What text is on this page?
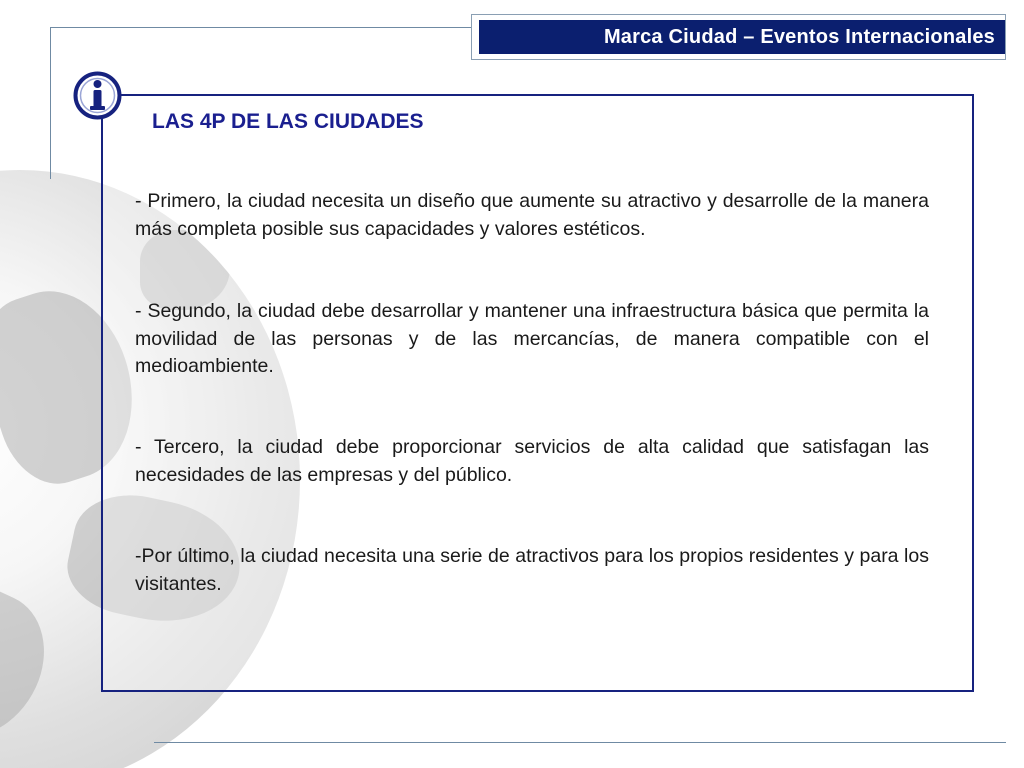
Marca Ciudad – Eventos Internacionales
LAS 4P DE LAS CIUDADES

- Primero, la ciudad necesita un diseño que aumente su atractivo y desarrolle de la manera más completa posible sus capacidades y valores estéticos.

- Segundo, la ciudad debe desarrollar y mantener una infraestructura básica que permita la movilidad de las personas y de las mercancías, de manera compatible con el medioambiente.

- Tercero, la ciudad debe proporcionar servicios de alta calidad que satisfagan las necesidades de las empresas y del público.

-Por último, la ciudad necesita una serie de atractivos para los propios residentes y para los visitantes.
